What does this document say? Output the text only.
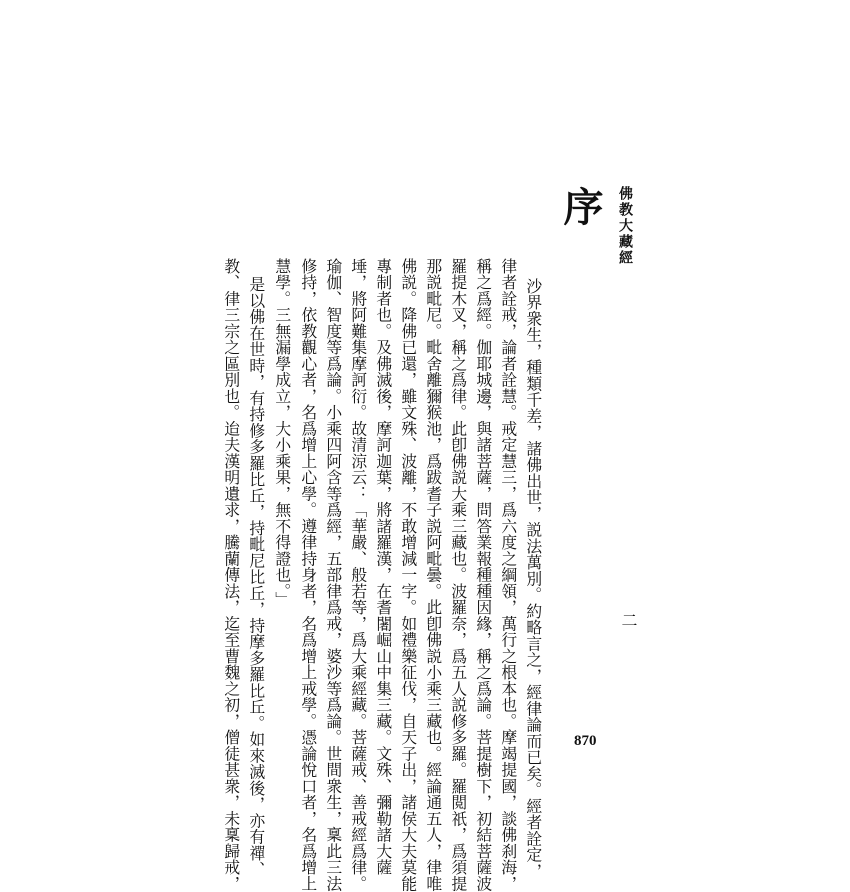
佛教大藏經
序
二
沙界衆生，種類千差，諸佛出世，説法萬別。約略言之，經律論而已矣。經者詮定，
律者詮戒，論者詮慧。戒定慧三，爲六度之綱領，萬行之根本也。摩竭提國，談佛刹海，
稱之爲經。伽耶城邊，與諸菩薩，問答業報種種因緣，稱之爲論。菩提樹下，初結菩薩波
羅提木叉，稱之爲律。此卽佛説大乘三藏也。波羅奈，爲五人説修多羅。羅閲祇，爲須提
那説毗尼。毗舍離獮猴池，爲跋耆子説阿毗曇。此卽佛説小乘三藏也。經論通五人，律唯
佛説。降佛已還，雖文殊、波離，不敢增減一字。如禮樂征伐，自天子出，諸侯大夫莫能
專制者也。及佛滅後，摩訶迦葉，將諸羅漢，在耆闍崛山中集三藏。文殊、彌勒諸大薩
埵，將阿難集摩訶衍。故清涼云：「華嚴、般若等，爲大乘經藏。菩薩戒、善戒經爲律。
瑜伽、智度等爲論。小乘四阿含等爲經，五部律爲戒，婆沙等爲論。世間衆生，稟此三法
修持，依教觀心者，名爲增上心學。遵律持身者，名爲增上戒學。憑論悅口者，名爲增上
慧學。三無漏學成立，大小乘果，無不得證也。」
　是以佛在世時，有持修多羅比丘，持毗尼比丘，持摩多羅比丘。如來滅後，亦有禪、
教、律三宗之區別也。迨夫漢明遺求，騰蘭傳法，迄至曹魏之初，僧徒甚衆，未稟歸戒，	870
